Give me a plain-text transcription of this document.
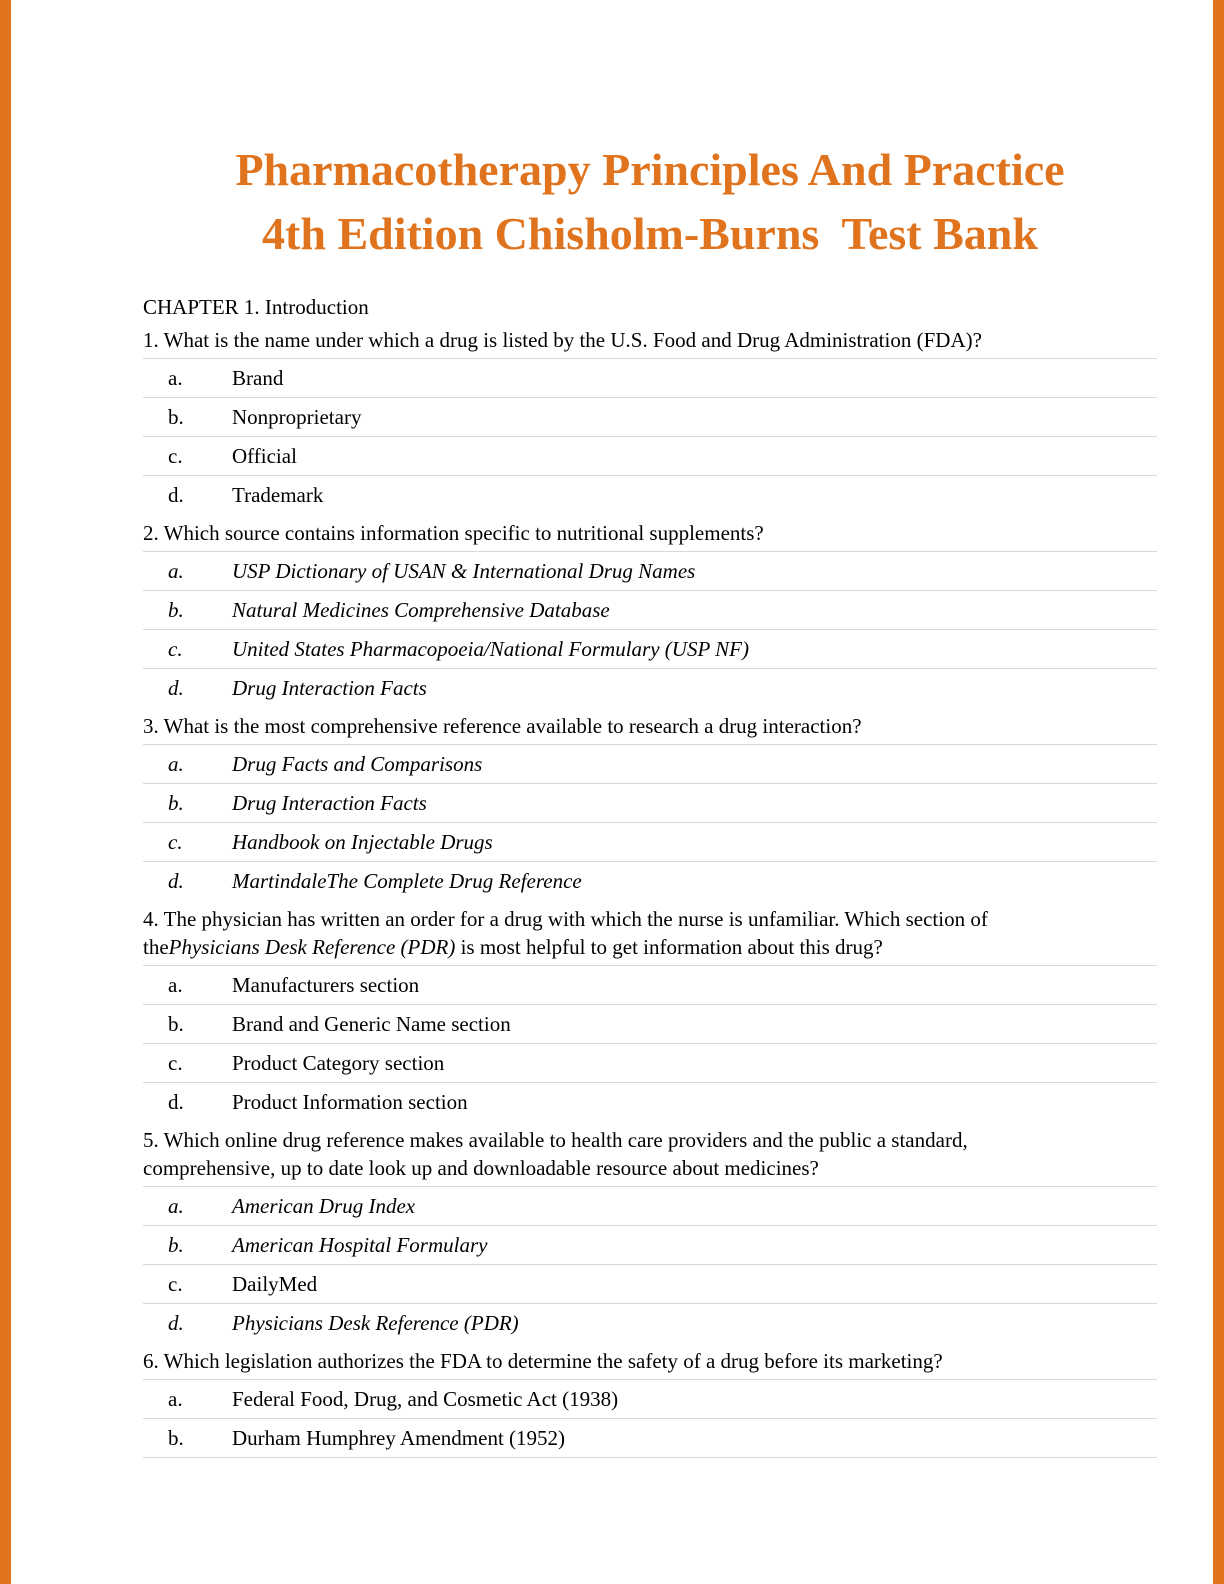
Pharmacotherapy Principles And Practice
4th Edition Chisholm-Burns  Test Bank
CHAPTER 1. Introduction
1. What is the name under which a drug is listed by the U.S. Food and Drug Administration (FDA)?
a.	Brand
b.	Nonproprietary
c.	Official
d.	Trademark
2. Which source contains information specific to nutritional supplements?
a.	USP Dictionary of USAN & International Drug Names
b.	Natural Medicines Comprehensive Database
c.	United States Pharmacopoeia/National Formulary (USP NF)
d.	Drug Interaction Facts
3. What is the most comprehensive reference available to research a drug interaction?
a.	Drug Facts and Comparisons
b.	Drug Interaction Facts
c.	Handbook on Injectable Drugs
d.	MartindaleThe Complete Drug Reference
4. The physician has written an order for a drug with which the nurse is unfamiliar. Which section of thePhysicians Desk Reference (PDR) is most helpful to get information about this drug?
a.	Manufacturers section
b.	Brand and Generic Name section
c.	Product Category section
d.	Product Information section
5. Which online drug reference makes available to health care providers and the public a standard, comprehensive, up to date look up and downloadable resource about medicines?
a.	American Drug Index
b.	American Hospital Formulary
c.	DailyMed
d.	Physicians Desk Reference (PDR)
6. Which legislation authorizes the FDA to determine the safety of a drug before its marketing?
a.	Federal Food, Drug, and Cosmetic Act (1938)
b.	Durham Humphrey Amendment (1952)
